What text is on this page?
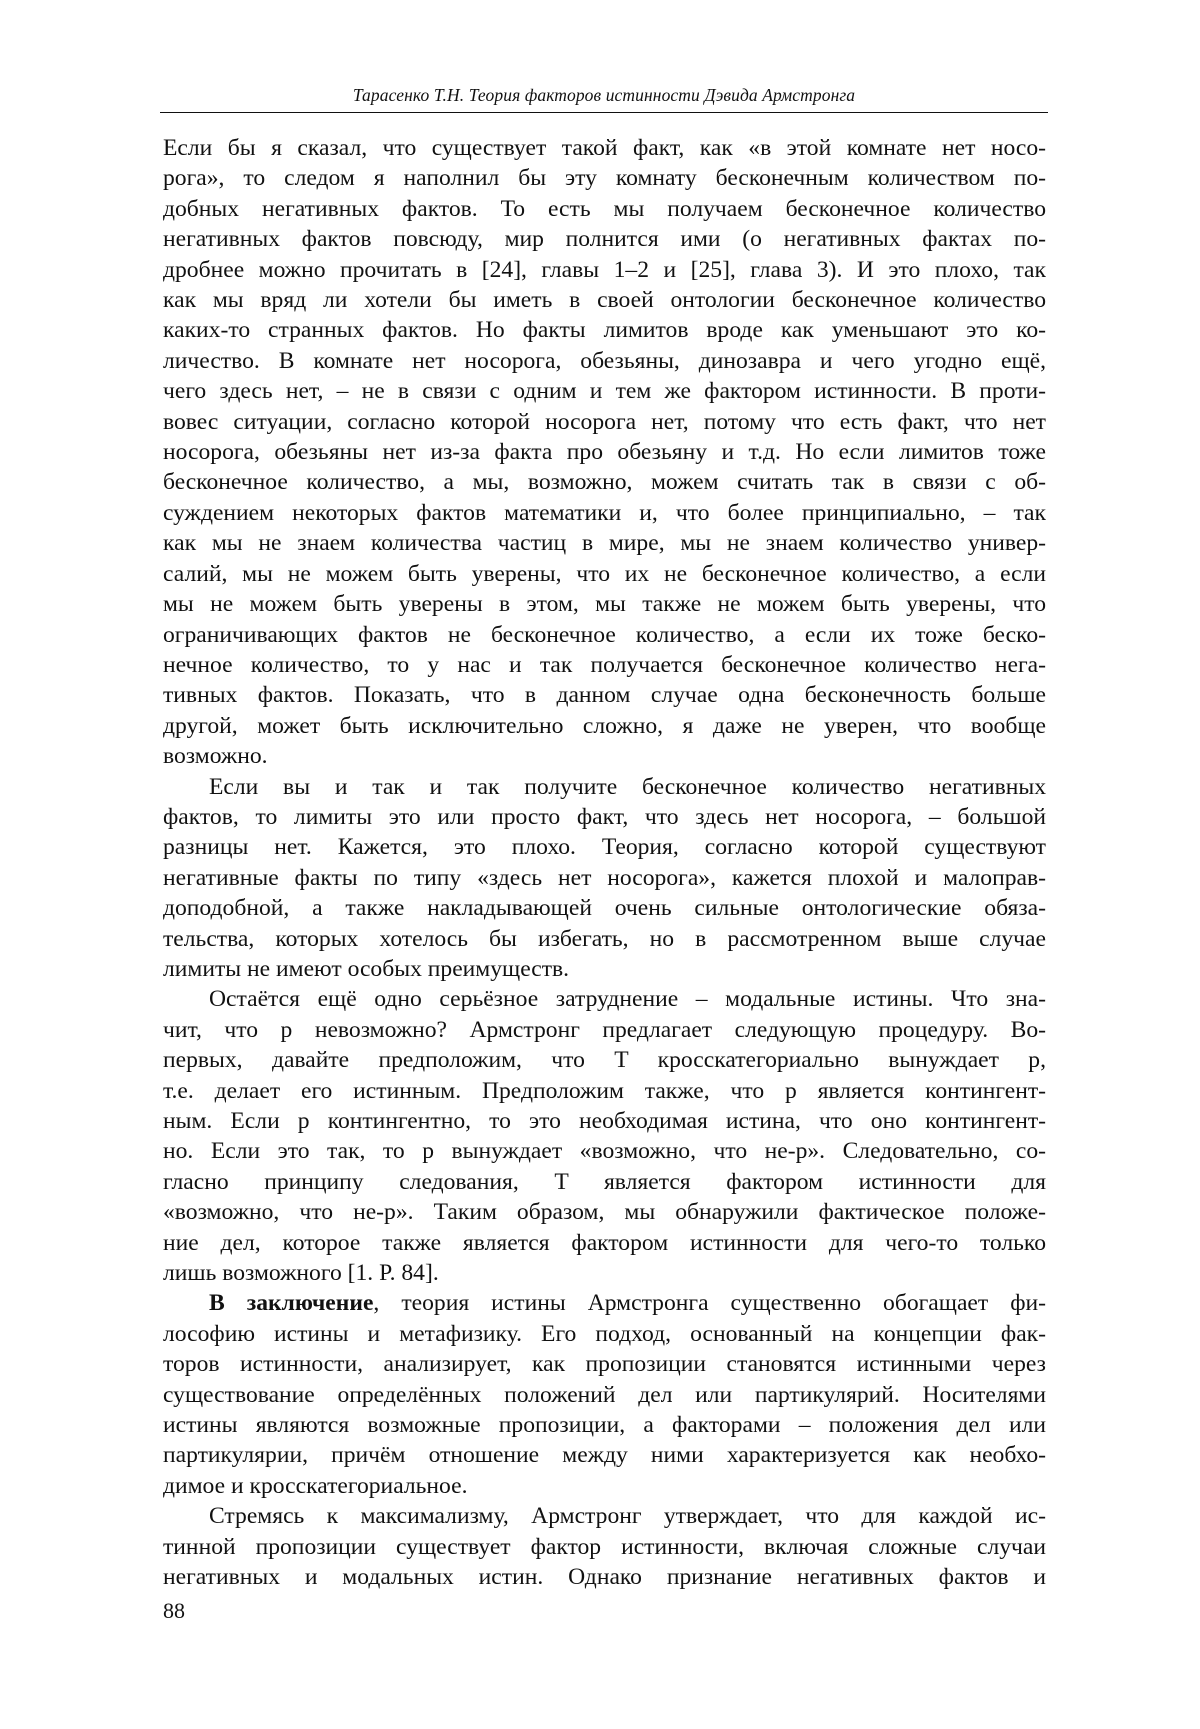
Тарасенко Т.Н. Теория факторов истинности Дэвида Армстронга
Если бы я сказал, что существует такой факт, как «в этой комнате нет носо-
рога», то следом я наполнил бы эту комнату бесконечным количеством по-
добных негативных фактов. То есть мы получаем бесконечное количество
негативных фактов повсюду, мир полнится ими (о негативных фактах по-
дробнее можно прочитать в [24], главы 1–2 и [25], глава 3). И это плохо, так
как мы вряд ли хотели бы иметь в своей онтологии бесконечное количество
каких-то странных фактов. Но факты лимитов вроде как уменьшают это ко-
личество. В комнате нет носорога, обезьяны, динозавра и чего угодно ещё,
чего здесь нет, – не в связи с одним и тем же фактором истинности. В проти-
вовес ситуации, согласно которой носорога нет, потому что есть факт, что нет
носорога, обезьяны нет из-за факта про обезьяну и т.д. Но если лимитов тоже
бесконечное количество, а мы, возможно, можем считать так в связи с об-
суждением некоторых фактов математики и, что более принципиально, – так
как мы не знаем количества частиц в мире, мы не знаем количество универ-
салий, мы не можем быть уверены, что их не бесконечное количество, а если
мы не можем быть уверены в этом, мы также не можем быть уверены, что
ограничивающих фактов не бесконечное количество, а если их тоже беско-
нечное количество, то у нас и так получается бесконечное количество нега-
тивных фактов. Показать, что в данном случае одна бесконечность больше
другой, может быть исключительно сложно, я даже не уверен, что вообще
возможно.
Если вы и так и так получите бесконечное количество негативных
фактов, то лимиты это или просто факт, что здесь нет носорога, – большой
разницы нет. Кажется, это плохо. Теория, согласно которой существуют
негативные факты по типу «здесь нет носорога», кажется плохой и малоправ-
доподобной, а также накладывающей очень сильные онтологические обяза-
тельства, которых хотелось бы избегать, но в рассмотренном выше случае
лимиты не имеют особых преимуществ.
Остаётся ещё одно серьёзное затруднение – модальные истины. Что зна-
чит, что p невозможно? Армстронг предлагает следующую процедуру. Во-
первых, давайте предположим, что T кросскатегориально вынуждает p,
т.е. делает его истинным. Предположим также, что p является контингент-
ным. Если p контингентно, то это необходимая истина, что оно контингент-
но. Если это так, то p вынуждает «возможно, что не-p». Следовательно, со-
гласно принципу следования, T является фактором истинности для
«возможно, что не-p». Таким образом, мы обнаружили фактическое положе-
ние дел, которое также является фактором истинности для чего-то только
лишь возможного [1. P. 84].
В заключение, теория истины Армстронга существенно обогащает фи-
лософию истины и метафизику. Его подход, основанный на концепции фак-
торов истинности, анализирует, как пропозиции становятся истинными через
существование определённых положений дел или партикулярий. Носителями
истины являются возможные пропозиции, а факторами – положения дел или
партикулярии, причём отношение между ними характеризуется как необхо-
димое и кросскатегориальное.
Стремясь к максимализму, Армстронг утверждает, что для каждой ис-
тинной пропозиции существует фактор истинности, включая сложные случаи
негативных и модальных истин. Однако признание негативных фактов и
88
